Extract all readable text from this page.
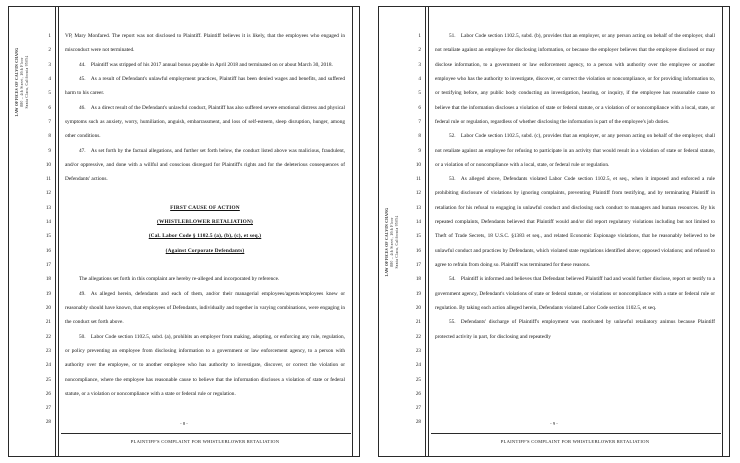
LAW OFFICES OF CALVIN CHANG 880 – 4th Street, 10th Floor Santa Clara, California 95054
1
2
3
4
5
6
7
8
9
10
11
12
13
14
15
16
17
18
19
20
21
22
23
24
25
26
27
28

VP, Mary Monfared. The report was not disclosed to Plaintiff. Plaintiff believes it is likely, that the employees who engaged in misconduct were not terminated.

44. Plaintiff was stripped of his 2017 annual bonus payable in April 2018 and terminated on or about March 30, 2018.

45. As a result of Defendant's unlawful employment practices, Plaintiff has been denied wages and benefits, and suffered harm to his career.

46. As a direct result of the Defendant's unlawful conduct, Plaintiff has also suffered severe emotional distress and physical symptoms such as anxiety, worry, humiliation, anguish, embarrassment, and loss of self-esteem, sleep disruption, hunger, among other conditions.

47. As set forth by the factual allegations, and further set forth below, the conduct listed above was malicious, fraudulent, and/or oppressive, and done with a willful and conscious disregard for Plaintiff's rights and for the deleterious consequences of Defendants' actions.

FIRST CAUSE OF ACTION

(WHISTLEBLOWER RETALIATION)

(Cal. Labor Code § 1102.5 (a), (b), (c), et seq.)

(Against Corporate Defendants)

The allegations set forth in this complaint are hereby re-alleged and incorporated by reference.

49. As alleged herein, defendants and each of them, and/or their managerial employees/agents/employees knew or reasonably should have known, that employees of Defendants, individually and together in varying combinations, were engaging in the conduct set forth above.

50. Labor Code section 1102.5, subd. (a), prohibits an employer from making, adopting, or enforcing any rule, regulation, or policy preventing an employee from disclosing information to a government or law enforcement agency, to a person with authority over the employee, or to another employee who has authority to investigate, discover, or correct the violation or noncompliance, where the employee has reasonable cause to believe that the information discloses a violation of state or federal statute, or a violation or noncompliance with a state or federal rule or regulation.

- 8 -
PLAINTIFF'S COMPLAINT FOR WHISTLEBLOWER RETALIATION
LAW OFFICES OF CALVIN CHANG 880 – 4th Street, 10th Floor Santa Clara, California 95054
1
2
3
4
5
6
7
8
9
10
11
12
13
14
15
16
17
18
19
20
21
22
23
24
25
26
27
28

51. Labor Code section 1102.5, subd. (b), provides that an employer, or any person acting on behalf of the employer, shall not retaliate against an employee for disclosing information, or because the employer believes that the employee disclosed or may disclose information, to a government or law enforcement agency, to a person with authority over the employee or another employee who has the authority to investigate, discover, or correct the violation or noncompliance, or for providing information to, or testifying before, any public body conducting an investigation, hearing, or inquiry, if the employee has reasonable cause to believe that the information discloses a violation of state or federal statute, or a violation of or noncompliance with a local, state, or federal rule or regulation, regardless of whether disclosing the information is part of the employee's job duties.

52. Labor Code section 1102.5, subd. (c), provides that an employer, or any person acting on behalf of the employer, shall not retaliate against an employee for refusing to participate in an activity that would result in a violation of state or federal statute, or a violation of or noncompliance with a local, state, or federal rule or regulation.

53. As alleged above, Defendants violated Labor Code section 1102.5, et seq., when it imposed and enforced a rule prohibiting disclosure of violations by ignoring complaints, preventing Plaintiff from testifying, and by terminating Plaintiff in retaliation for his refusal to engaging in unlawful conduct and disclosing such conduct to managers and human resources. By his repeated complaints, Defendants believed that Plaintiff would and/or did report regulatory violations including but not limited to Theft of Trade Secrets, 18 U.S.C. §1383 et seq., and related Economic Espionage violations, that he reasonably believed to be unlawful conduct and practices by Defendants, which violated state regulations identified above; opposed violations; and refused to agree to refrain from doing so. Plaintiff was terminated for these reasons.

54. Plaintiff is informed and believes that Defendant believed Plaintiff had and would further disclose, report or testify to a government agency, Defendant's violations of state or federal statute, or violations or noncompliance with a state or federal rule or regulation. By taking each action alleged herein, Defendants violated Labor Code section 1102.5, et seq.

55. Defendants' discharge of Plaintiff's employment was motivated by unlawful retaliatory animus because Plaintiff protected activity in part, for disclosing and repeatedly

- 9 -
PLAINTIFF'S COMPLAINT FOR WHISTLEBLOWER RETALIATION
